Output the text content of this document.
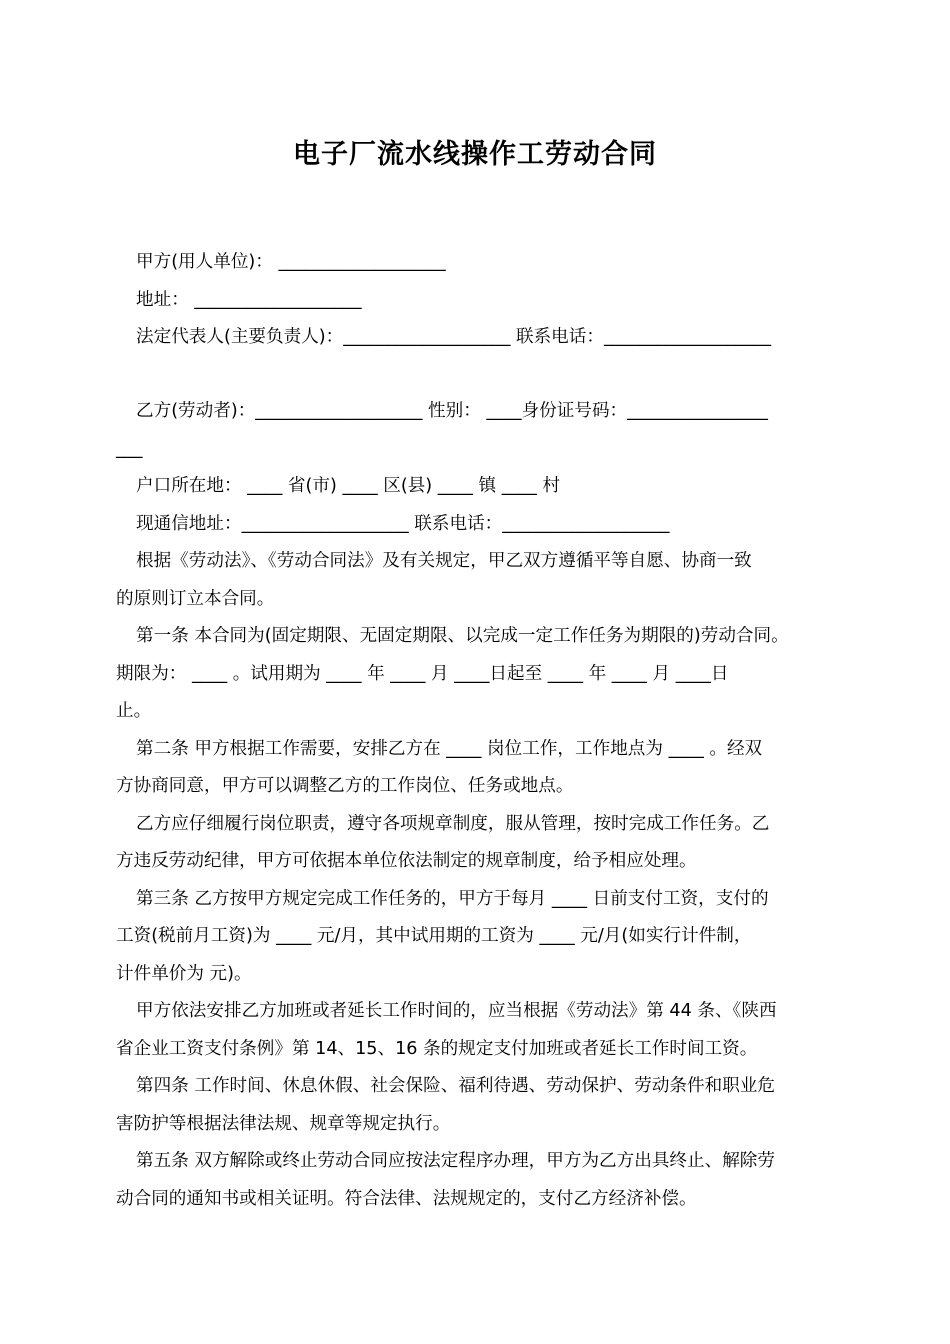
电子厂流水线操作工劳动合同
甲方(用人单位)： ___________________
地址： ___________________
法定代表人(主要负责人)：___________________ 联系电话：___________________
乙方(劳动者)：___________________ 性别： ____身份证号码：________________
___
户口所在地： ____ 省(市) ____ 区(县) ____ 镇 ____ 村
现通信地址：___________________ 联系电话：___________________
根据《劳动法》、《劳动合同法》及有关规定，甲乙双方遵循平等自愿、协商一致
的原则订立本合同。
第一条 本合同为(固定期限、无固定期限、以完成一定工作任务为期限的)劳动合同。
期限为： ____ 。试用期为 ____ 年 ____ 月 ____日起至 ____ 年 ____ 月 ____日
止。
第二条 甲方根据工作需要，安排乙方在 ____ 岗位工作，工作地点为 ____ 。经双
方协商同意，甲方可以调整乙方的工作岗位、任务或地点。
乙方应仔细履行岗位职责，遵守各项规章制度，服从管理，按时完成工作任务。乙
方违反劳动纪律，甲方可依据本单位依法制定的规章制度，给予相应处理。
第三条 乙方按甲方规定完成工作任务的，甲方于每月 ____ 日前支付工资，支付的
工资(税前月工资)为 ____ 元/月，其中试用期的工资为 ____ 元/月(如实行计件制，
计件单价为 元)。
甲方依法安排乙方加班或者延长工作时间的，应当根据《劳动法》第 44 条、《陕西
省企业工资支付条例》第 14、15、16 条的规定支付加班或者延长工作时间工资。
第四条 工作时间、休息休假、社会保险、福利待遇、劳动保护、劳动条件和职业危
害防护等根据法律法规、规章等规定执行。
第五条 双方解除或终止劳动合同应按法定程序办理，甲方为乙方出具终止、解除劳
动合同的通知书或相关证明。符合法律、法规规定的，支付乙方经济补偿。
